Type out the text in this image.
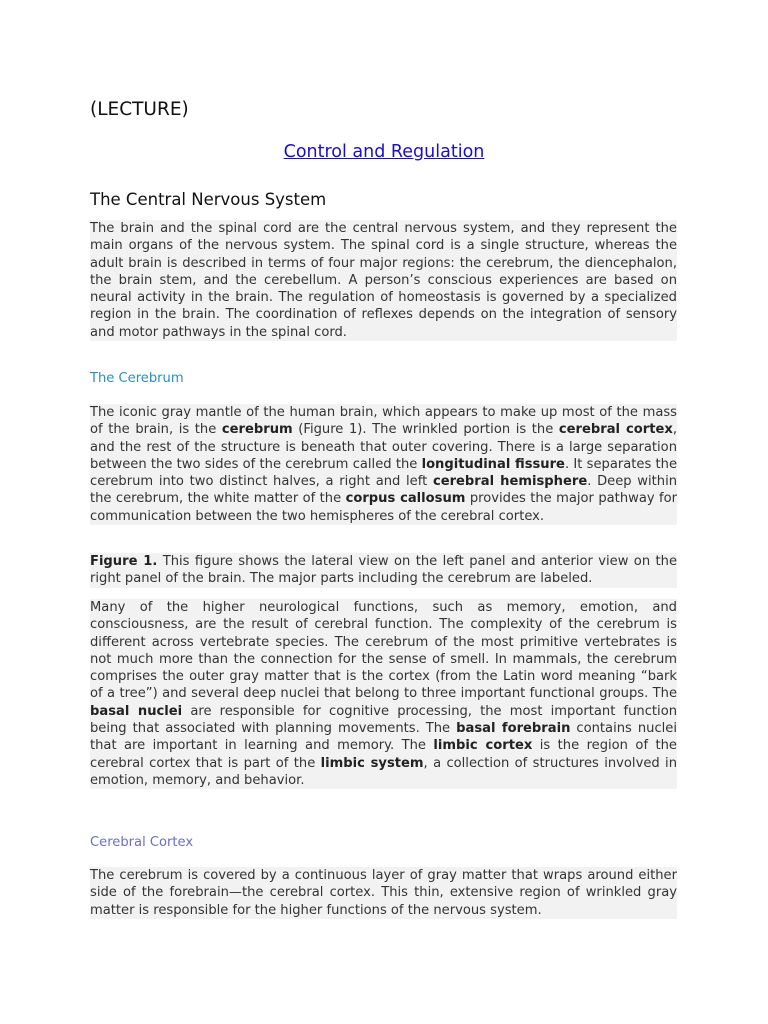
(LECTURE)
Control and Regulation
The Central Nervous System

The brain and the spinal cord are the central nervous system, and they represent the main organs of the nervous system. The spinal cord is a single structure, whereas the adult brain is described in terms of four major regions: the cerebrum, the diencephalon, the brain stem, and the cerebellum. A person’s conscious experiences are based on neural activity in the brain. The regulation of homeostasis is governed by a specialized region in the brain. The coordination of reflexes depends on the integration of sensory and motor pathways in the spinal cord.

The Cerebrum

The iconic gray mantle of the human brain, which appears to make up most of the mass of the brain, is the cerebrum (Figure 1). The wrinkled portion is the cerebral cortex, and the rest of the structure is beneath that outer covering. There is a large separation between the two sides of the cerebrum called the longitudinal fissure. It separates the cerebrum into two distinct halves, a right and left cerebral hemisphere. Deep within the cerebrum, the white matter of the corpus callosum provides the major pathway for communication between the two hemispheres of the cerebral cortex.

Figure 1. This figure shows the lateral view on the left panel and anterior view on the right panel of the brain. The major parts including the cerebrum are labeled.

Many of the higher neurological functions, such as memory, emotion, and consciousness, are the result of cerebral function. The complexity of the cerebrum is different across vertebrate species. The cerebrum of the most primitive vertebrates is not much more than the connection for the sense of smell. In mammals, the cerebrum comprises the outer gray matter that is the cortex (from the Latin word meaning “bark of a tree”) and several deep nuclei that belong to three important functional groups. The basal nuclei are responsible for cognitive processing, the most important function being that associated with planning movements. The basal forebrain contains nuclei that are important in learning and memory. The limbic cortex is the region of the cerebral cortex that is part of the limbic system, a collection of structures involved in emotion, memory, and behavior.

Cerebral Cortex

The cerebrum is covered by a continuous layer of gray matter that wraps around either side of the forebrain—the cerebral cortex. This thin, extensive region of wrinkled gray matter is responsible for the higher functions of the nervous system.
